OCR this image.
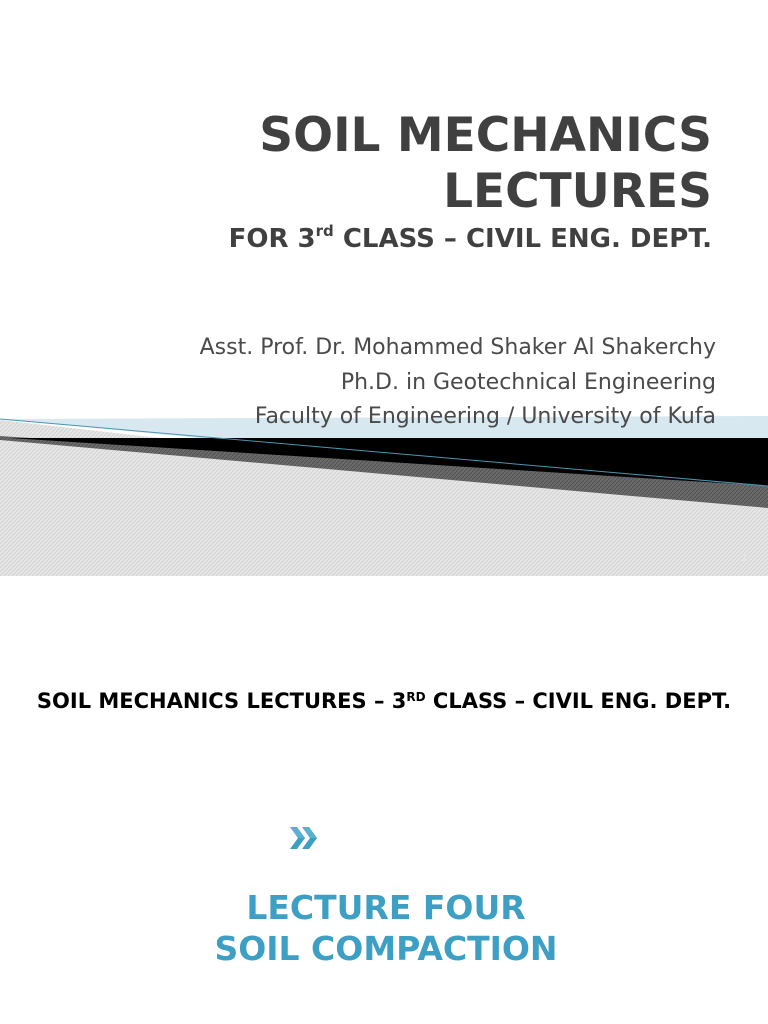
SOIL MECHANICS
LECTURES
FOR 3rd CLASS – CIVIL ENG. DEPT.
Asst. Prof. Dr. Mohammed Shaker Al Shakerchy
Ph.D. in Geotechnical Engineering
Faculty of Engineering / University of Kufa
1
SOIL MECHANICS LECTURES – 3RD CLASS – CIVIL ENG. DEPT.
LECTURE FOUR
SOIL COMPACTION
